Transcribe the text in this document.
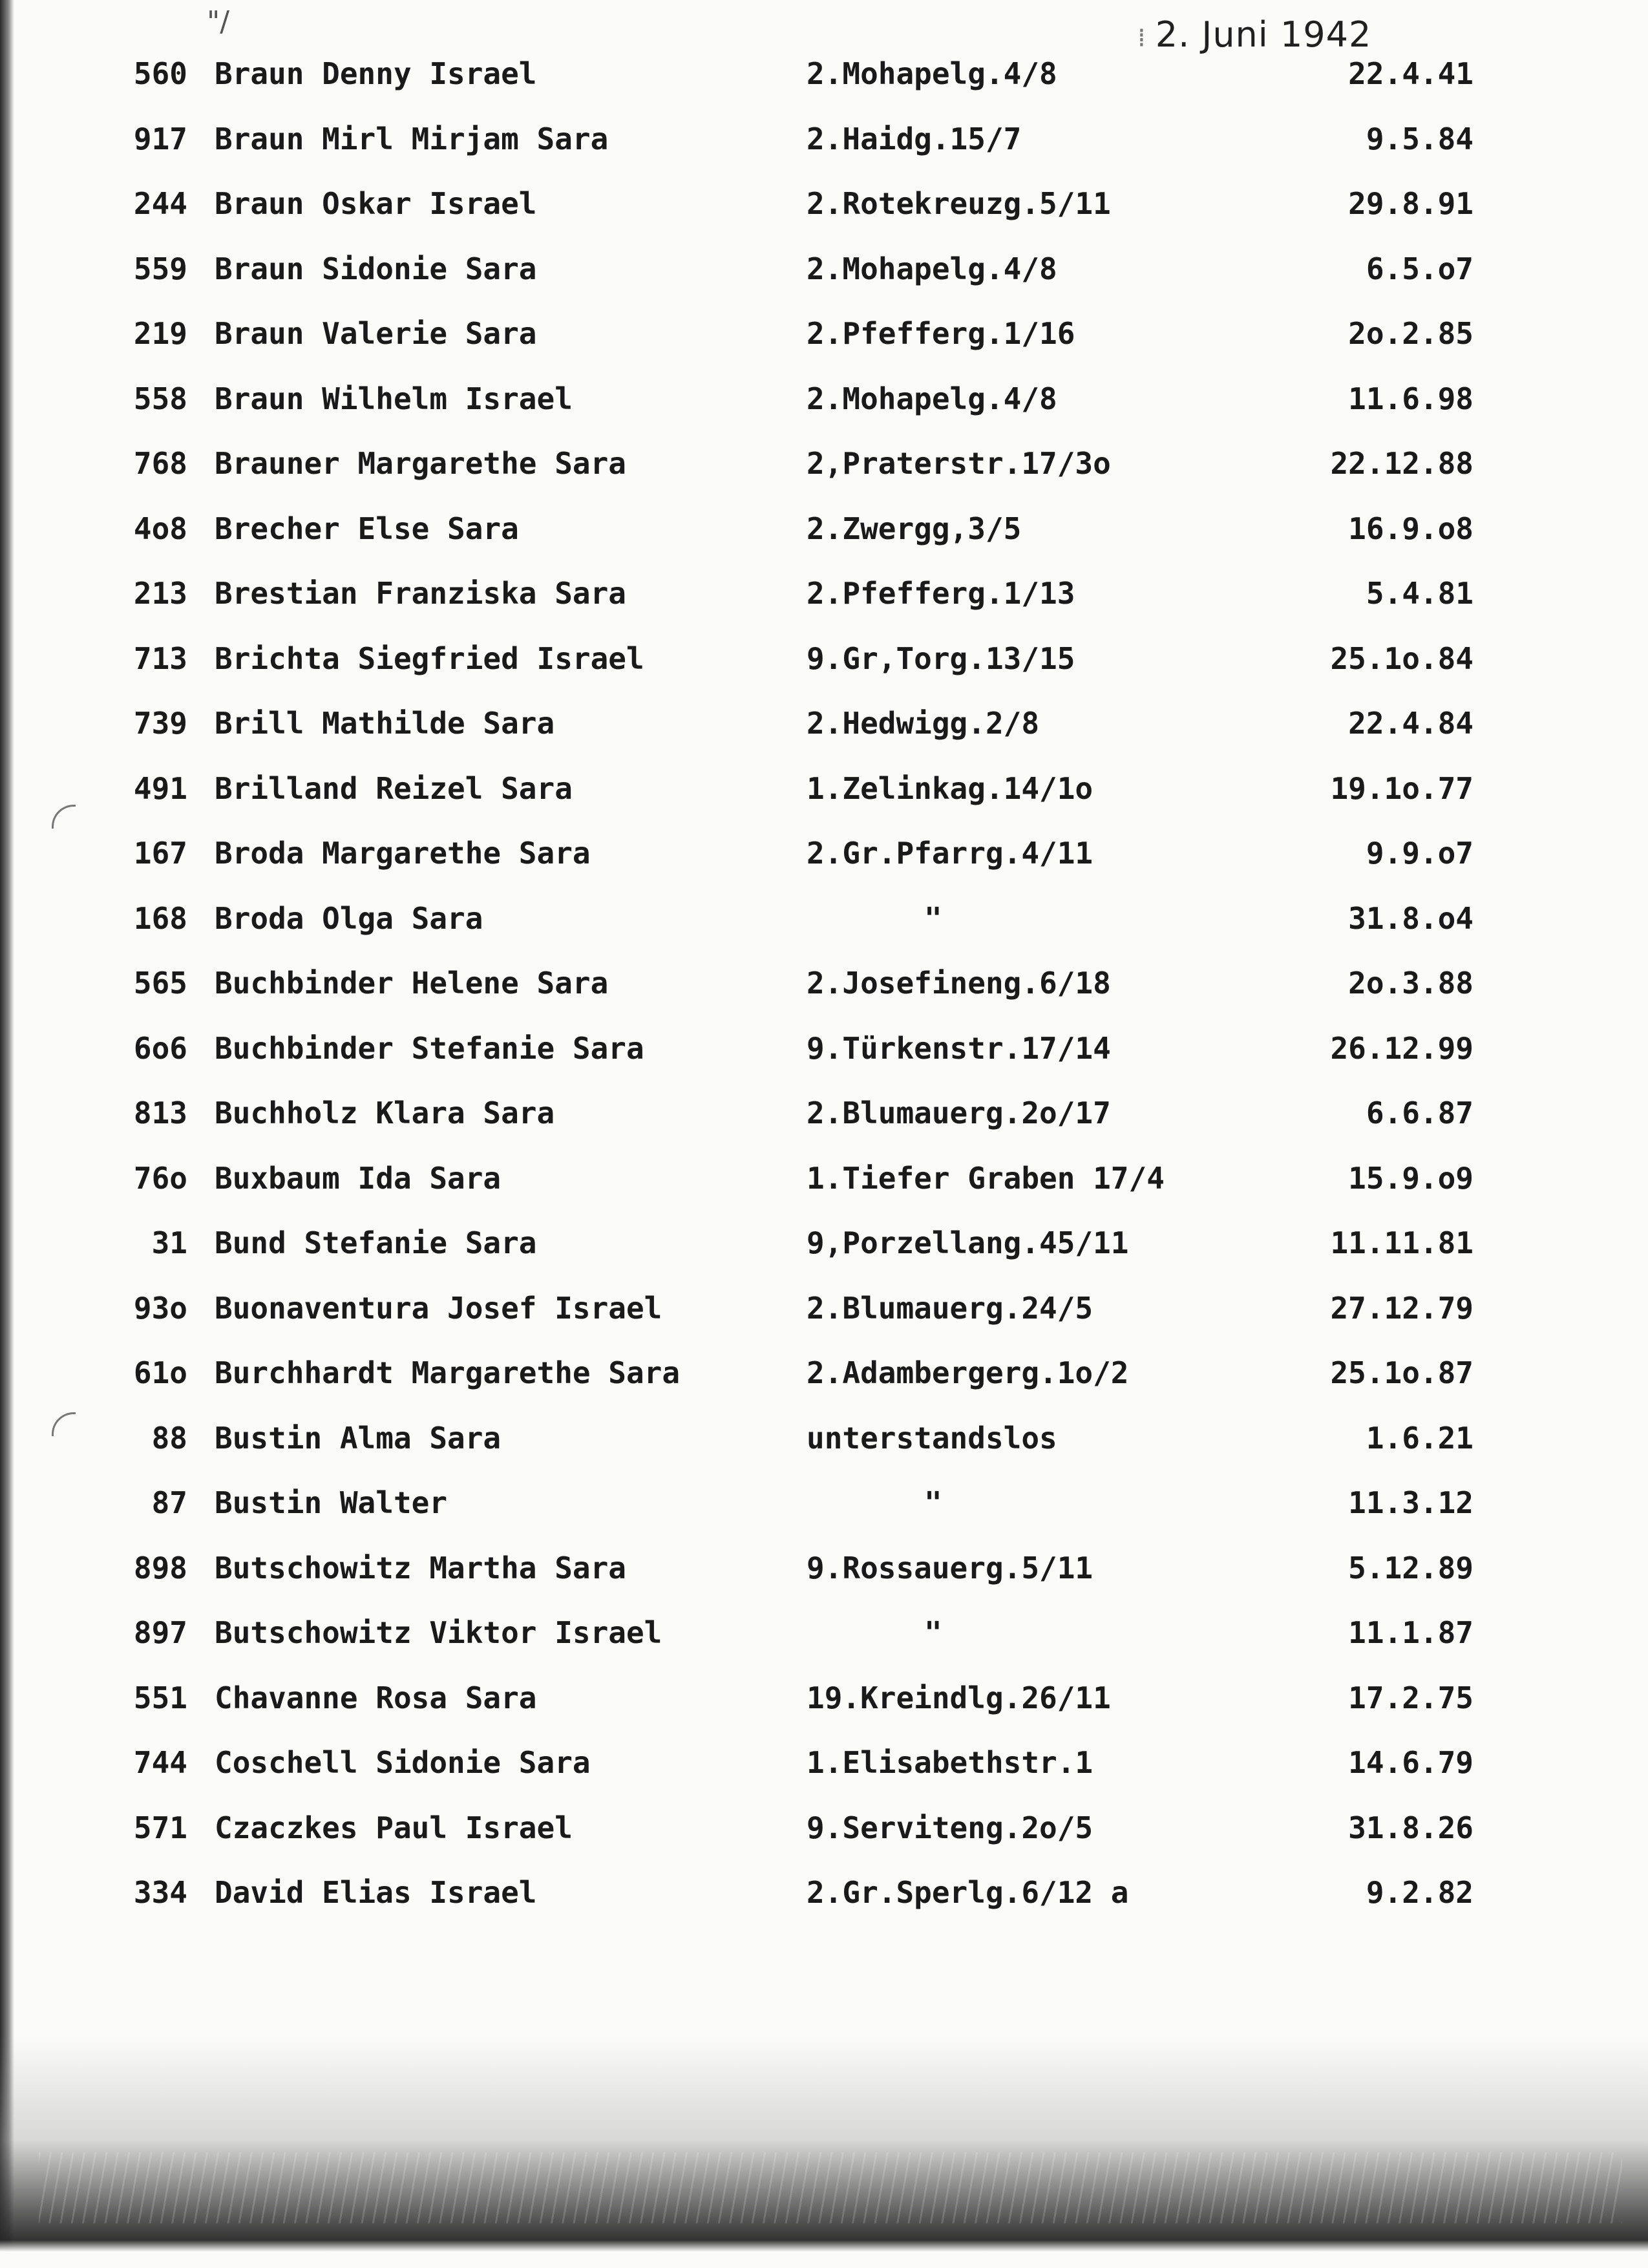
"/	⁞ 2. Juni 1942
560 Braun Denny Israel	2.Mohapelg.4/8	22.4.41
917 Braun Mirl Mirjam Sara	2.Haidg.15/7	9.5.84
244 Braun Oskar Israel	2.Rotekreuzg.5/11	29.8.91
559 Braun Sidonie Sara	2.Mohapelg.4/8	6.5.o7
219 Braun Valerie Sara	2.Pfefferg.1/16	2o.2.85
558 Braun Wilhelm Israel	2.Mohapelg.4/8	11.6.98
768 Brauner Margarethe Sara	2,Praterstr.17/3o	22.12.88
4o8 Brecher Else Sara	2.Zwergg,3/5	16.9.o8
213 Brestian Franziska Sara	2.Pfefferg.1/13	5.4.81
713 Brichta Siegfried Israel	9.Gr,Torg.13/15	25.1o.84
739 Brill Mathilde Sara	2.Hedwigg.2/8	22.4.84
491 Brilland Reizel Sara	1.Zelinkag.14/1o	19.1o.77
167 Broda Margarethe Sara	2.Gr.Pfarrg.4/11	9.9.o7
168 Broda Olga Sara	"	31.8.o4
565 Buchbinder Helene Sara	2.Josefineng.6/18	2o.3.88
6o6 Buchbinder Stefanie Sara	9.Türkenstr.17/14	26.12.99
813 Buchholz Klara Sara	2.Blumauerg.2o/17	6.6.87
76o Buxbaum Ida Sara	1.Tiefer Graben 17/4	15.9.o9
31 Bund Stefanie Sara	9,Porzellang.45/11	11.11.81
93o Buonaventura Josef Israel	2.Blumauerg.24/5	27.12.79
61o Burchhardt Margarethe Sara	2.Adambergerg.1o/2	25.1o.87
88 Bustin Alma Sara	unterstandslos	1.6.21
87 Bustin Walter	"	11.3.12
898 Butschowitz Martha Sara	9.Rossauerg.5/11	5.12.89
897 Butschowitz Viktor Israel	"	11.1.87
551 Chavanne Rosa Sara	19.Kreindlg.26/11	17.2.75
744 Coschell Sidonie Sara	1.Elisabethstr.1	14.6.79
571 Czaczkes Paul Israel	9.Serviteng.2o/5	31.8.26
334 David Elias Israel	2.Gr.Sperlg.6/12 a	9.2.82
